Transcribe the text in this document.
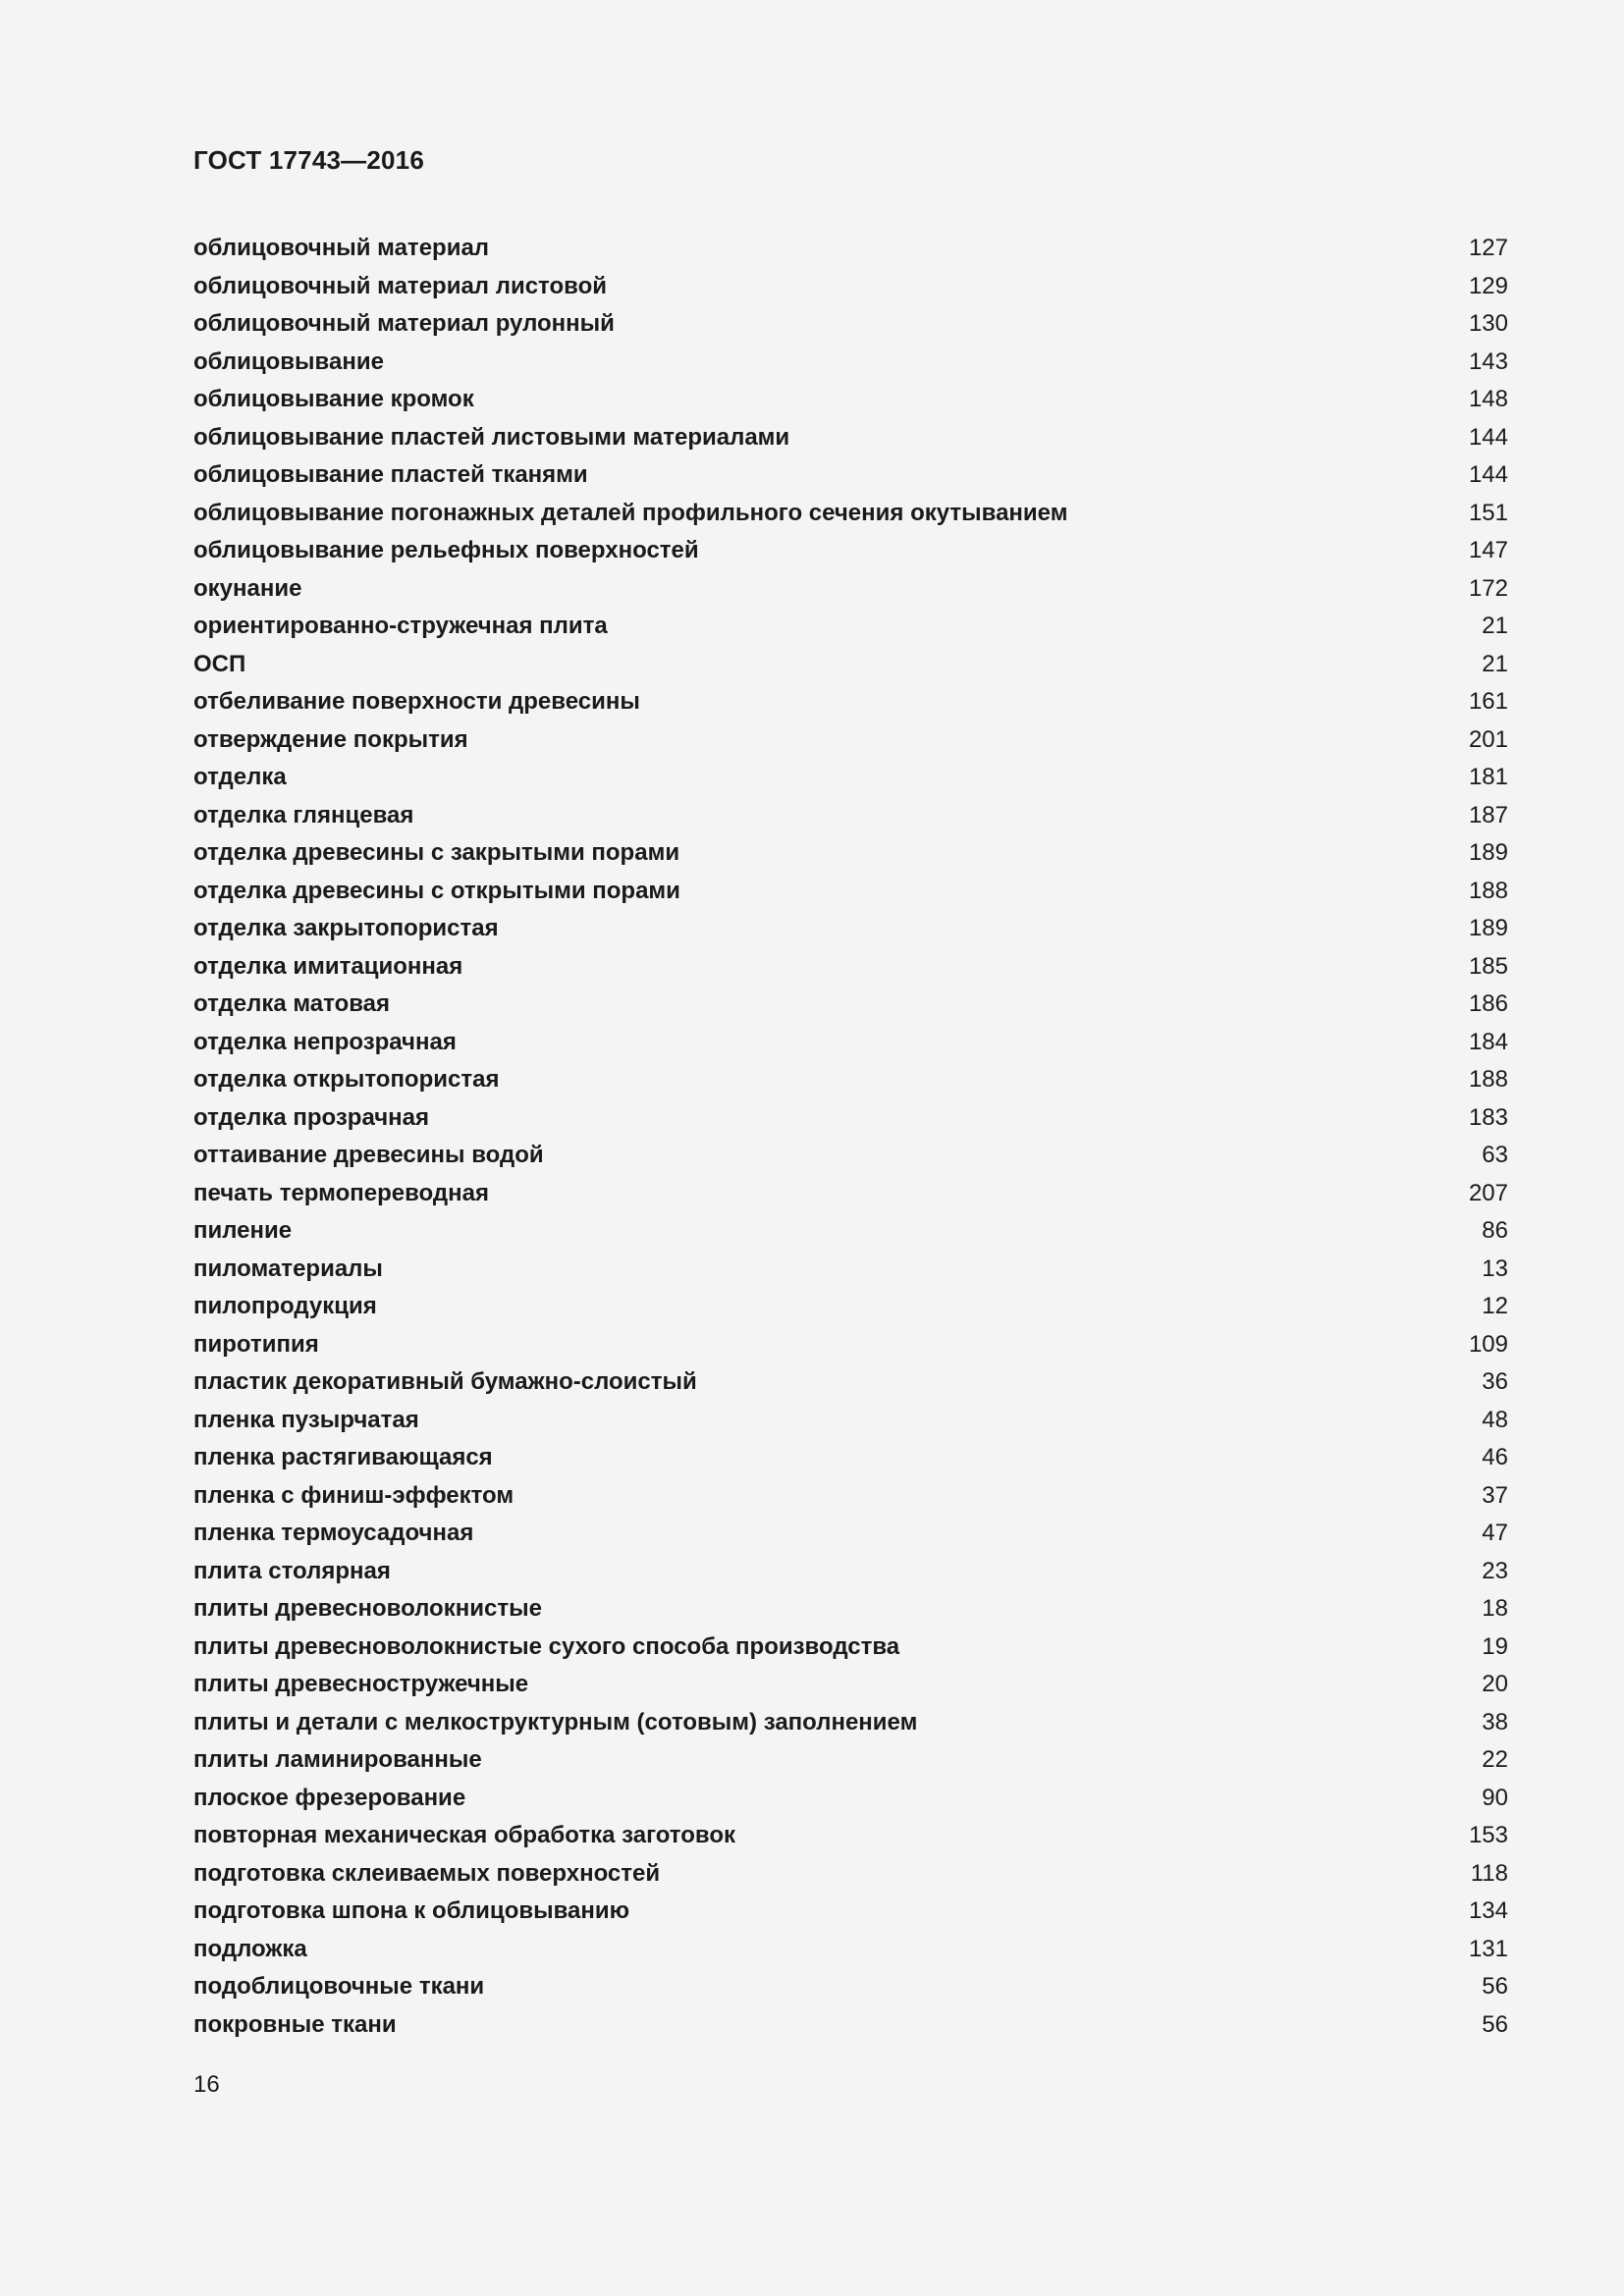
ГОСТ 17743—2016
облицовочный материал	127
облицовочный материал листовой	129
облицовочный материал рулонный	130
облицовывание	143
облицовывание кромок	148
облицовывание пластей листовыми материалами	144
облицовывание пластей тканями	144
облицовывание погонажных деталей профильного сечения окутыванием	151
облицовывание рельефных поверхностей	147
окунание	172
ориентированно-стружечная плита	21
ОСП	21
отбеливание поверхности древесины	161
отверждение покрытия	201
отделка	181
отделка глянцевая	187
отделка древесины с закрытыми порами	189
отделка древесины с открытыми порами	188
отделка закрытопористая	189
отделка имитационная	185
отделка матовая	186
отделка непрозрачная	184
отделка открытопористая	188
отделка прозрачная	183
оттаивание древесины водой	63
печать термопереводная	207
пиление	86
пиломатериалы	13
пилопродукция	12
пиротипия	109
пластик декоративный бумажно-слоистый	36
пленка пузырчатая	48
пленка растягивающаяся	46
пленка с финиш-эффектом	37
пленка термоусадочная	47
плита столярная	23
плиты древесноволокнистые	18
плиты древесноволокнистые сухого способа производства	19
плиты древесностружечные	20
плиты и детали с мелкоструктурным (сотовым) заполнением	38
плиты ламинированные	22
плоское фрезерование	90
повторная механическая обработка заготовок	153
подготовка склеиваемых поверхностей	118
подготовка шпона к облицовыванию	134
подложка	131
подоблицовочные ткани	56
покровные ткани	56
16
